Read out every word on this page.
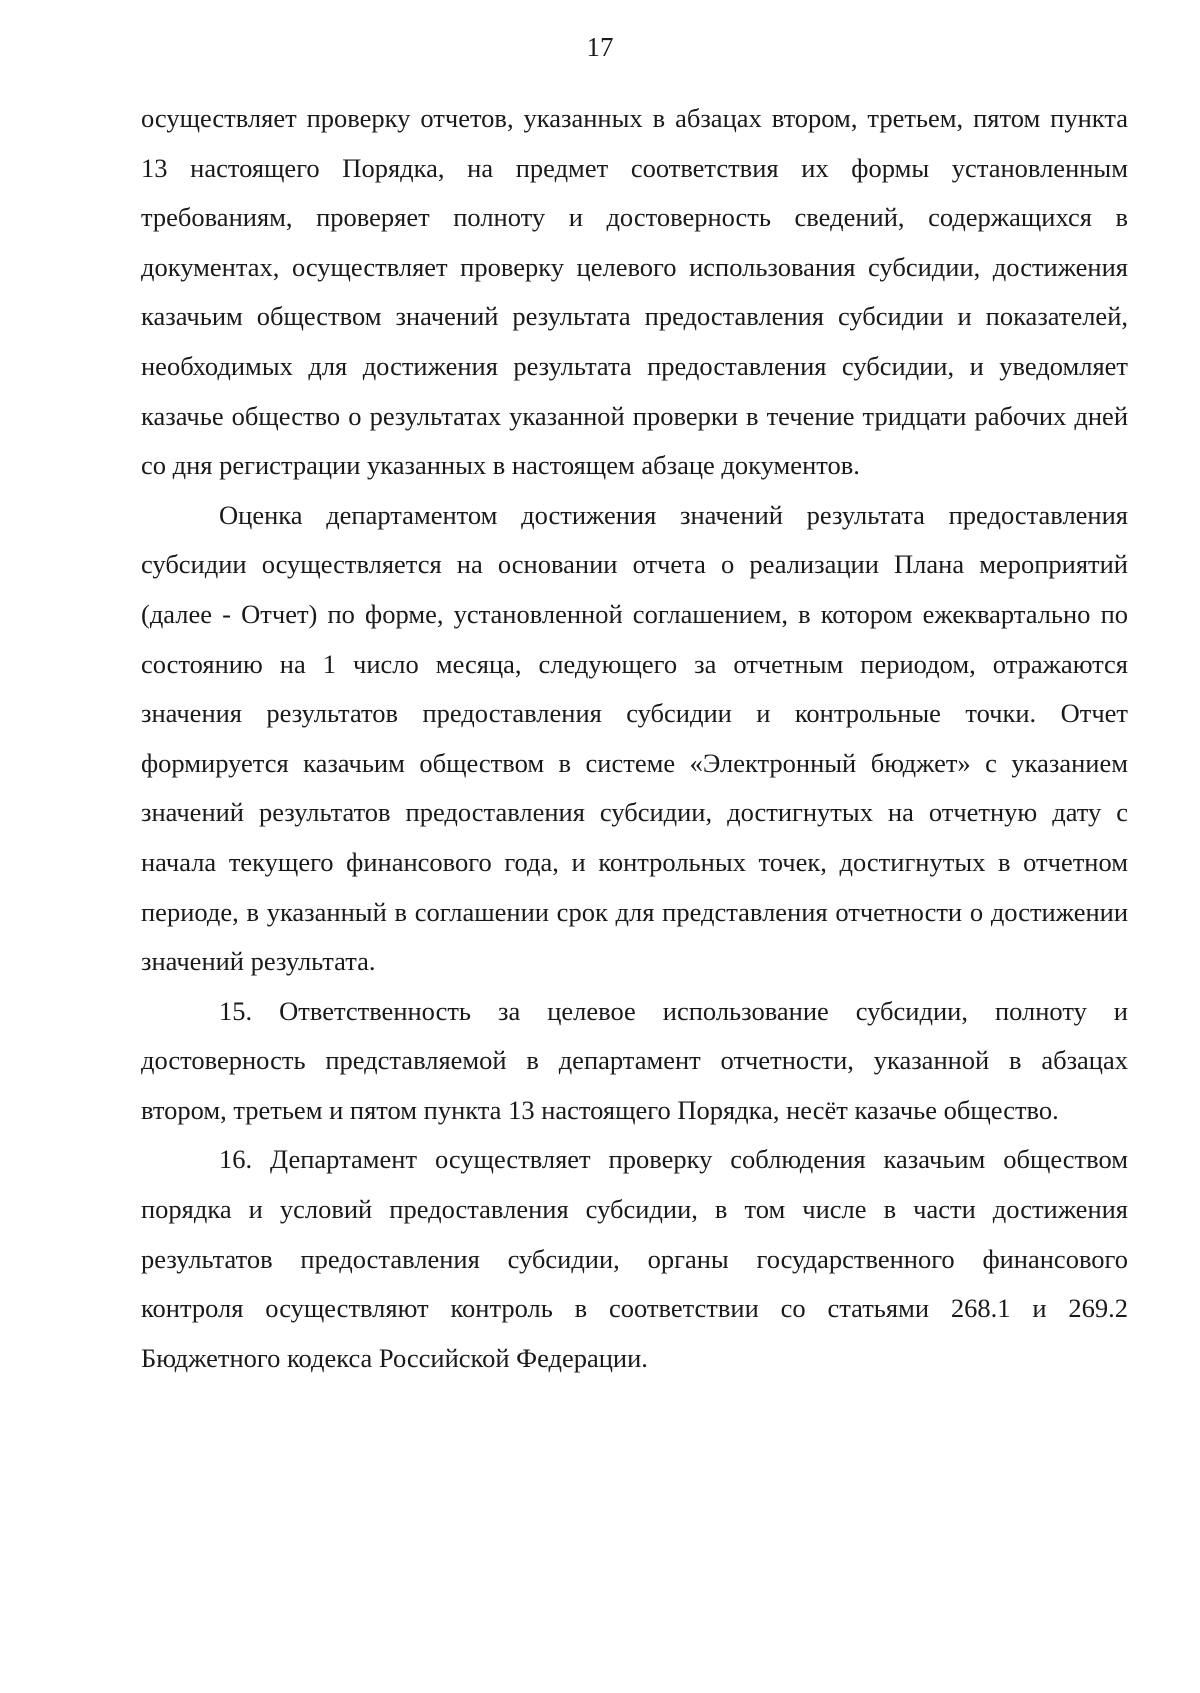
17

осуществляет проверку отчетов, указанных в абзацах втором, третьем, пятом пункта 13 настоящего Порядка, на предмет соответствия их формы установленным требованиям, проверяет полноту и достоверность сведений, содержащихся в документах, осуществляет проверку целевого использования субсидии, достижения казачьим обществом значений результата предоставления субсидии и показателей, необходимых для достижения результата предоставления субсидии, и уведомляет казачье общество о результатах указанной проверки в течение тридцати рабочих дней со дня регистрации указанных в настоящем абзаце документов.

Оценка департаментом достижения значений результата предоставления субсидии осуществляется на основании отчета о реализации Плана мероприятий (далее - Отчет) по форме, установленной соглашением, в котором ежеквартально по состоянию на 1 число месяца, следующего за отчетным периодом, отражаются значения результатов предоставления субсидии и контрольные точки. Отчет формируется казачьим обществом в системе «Электронный бюджет» с указанием значений результатов предоставления субсидии, достигнутых на отчетную дату с начала текущего финансового года, и контрольных точек, достигнутых в отчетном периоде, в указанный в соглашении срок для представления отчетности о достижении значений результата.

15. Ответственность за целевое использование субсидии, полноту и достоверность представляемой в департамент отчетности, указанной в абзацах втором, третьем и пятом пункта 13 настоящего Порядка, несёт казачье общество.

16. Департамент осуществляет проверку соблюдения казачьим обществом порядка и условий предоставления субсидии, в том числе в части достижения результатов предоставления субсидии, органы государственного финансового контроля осуществляют контроль в соответствии со статьями 268.1 и 269.2 Бюджетного кодекса Российской Федерации.
